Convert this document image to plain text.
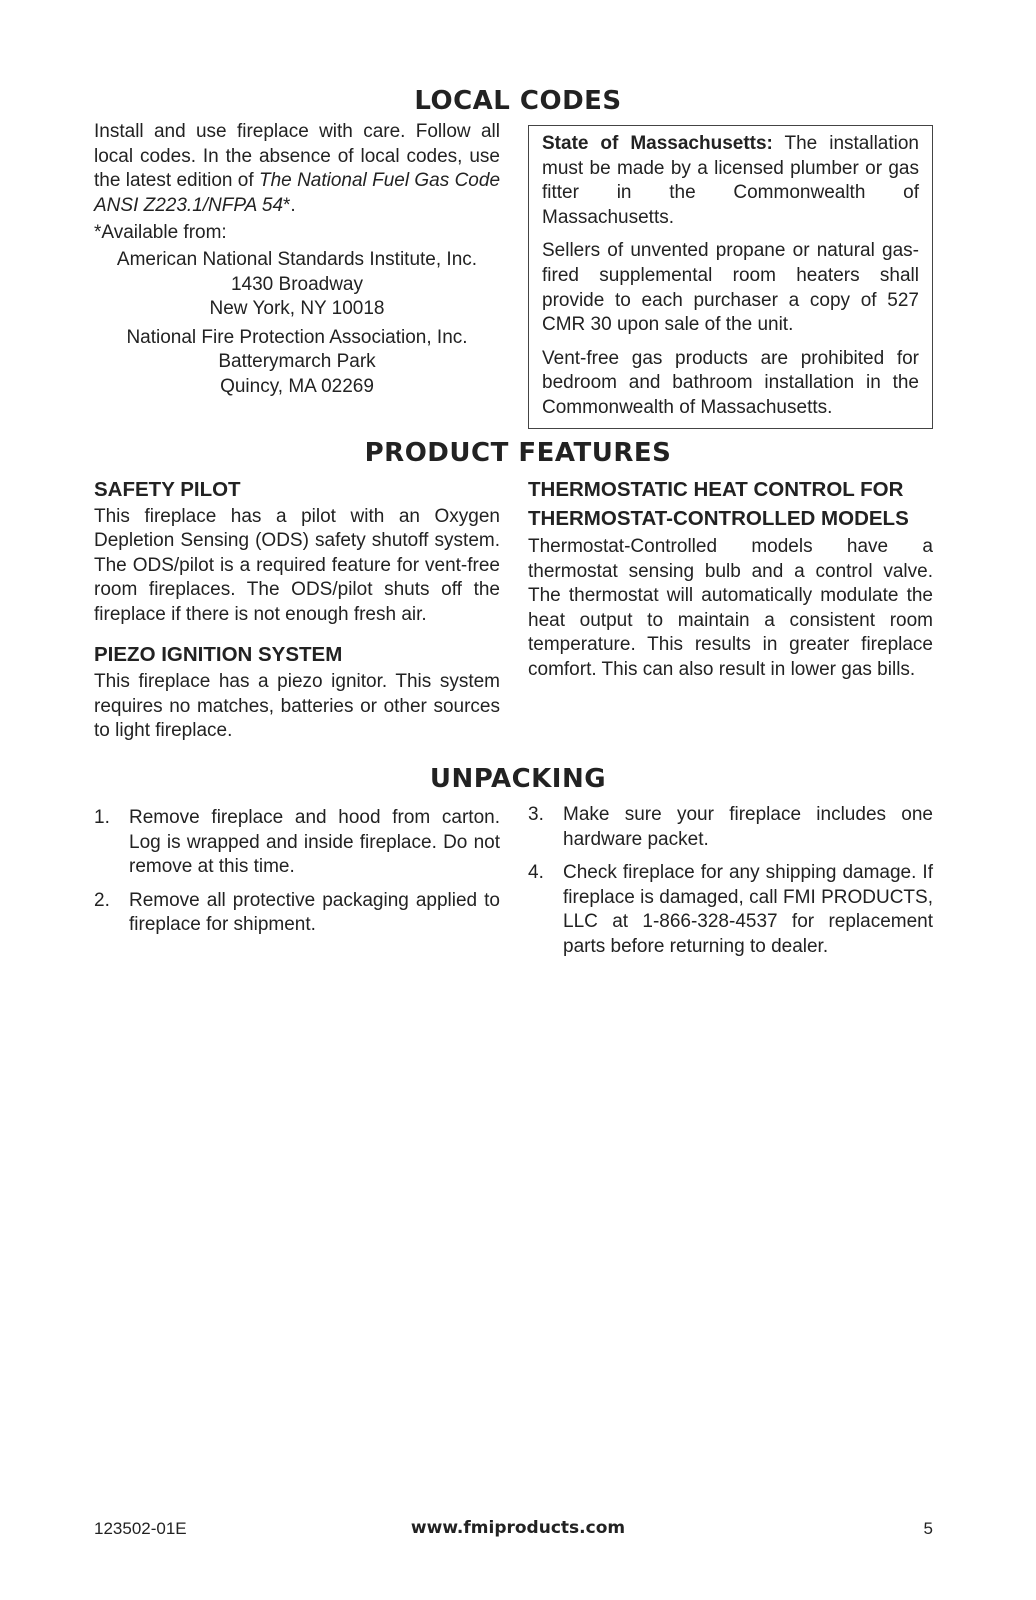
LOCAL CODES

Install and use fireplace with care. Follow all local codes. In the absence of local codes, use the latest edition of The National Fuel Gas Code ANSI Z223.1/NFPA 54*.

*Available from:

American National Standards Institute, Inc.

1430 Broadway

New York, NY 10018

National Fire Protection Association, Inc.

Batterymarch Park

Quincy, MA 02269

State of Massachusetts: The installation must be made by a licensed plumber or gas fitter in the Commonwealth of Massachusetts.

Sellers of unvented propane or natural gas-fired supplemental room heaters shall provide to each purchaser a copy of 527 CMR 30 upon sale of the unit.

Vent-free gas products are prohibited for bedroom and bathroom installation in the Commonwealth of Massachusetts.

PRODUCT FEATURES

SAFETY PILOT

This fireplace has a pilot with an Oxygen Depletion Sensing (ODS) safety shutoff system. The ODS/pilot is a required feature for vent-free room fireplaces. The ODS/pilot shuts off the fireplace if there is not enough fresh air.

PIEZO IGNITION SYSTEM

This fireplace has a piezo ignitor. This system requires no matches, batteries or other sources to light fireplace.

THERMOSTATIC HEAT CONTROL FOR THERMOSTAT-CONTROLLED MODELS

Thermostat-Controlled models have a thermostat sensing bulb and a control valve. The thermostat will automatically modulate the heat output to maintain a consistent room temperature. This results in greater fireplace comfort. This can also result in lower gas bills.

UNPACKING
1.	Remove fireplace and hood from carton. Log is wrapped and inside fireplace. Do not remove at this time.
2.	Remove all protective packaging applied to fireplace for shipment.
3.	Make sure your fireplace includes one hardware packet.
4.	Check fireplace for any shipping damage. If fireplace is damaged, call FMI PRODUCTS, LLC at 1-866-328-4537 for replacement parts before returning to dealer.
123502-01E	www.fmiproducts.com	5
